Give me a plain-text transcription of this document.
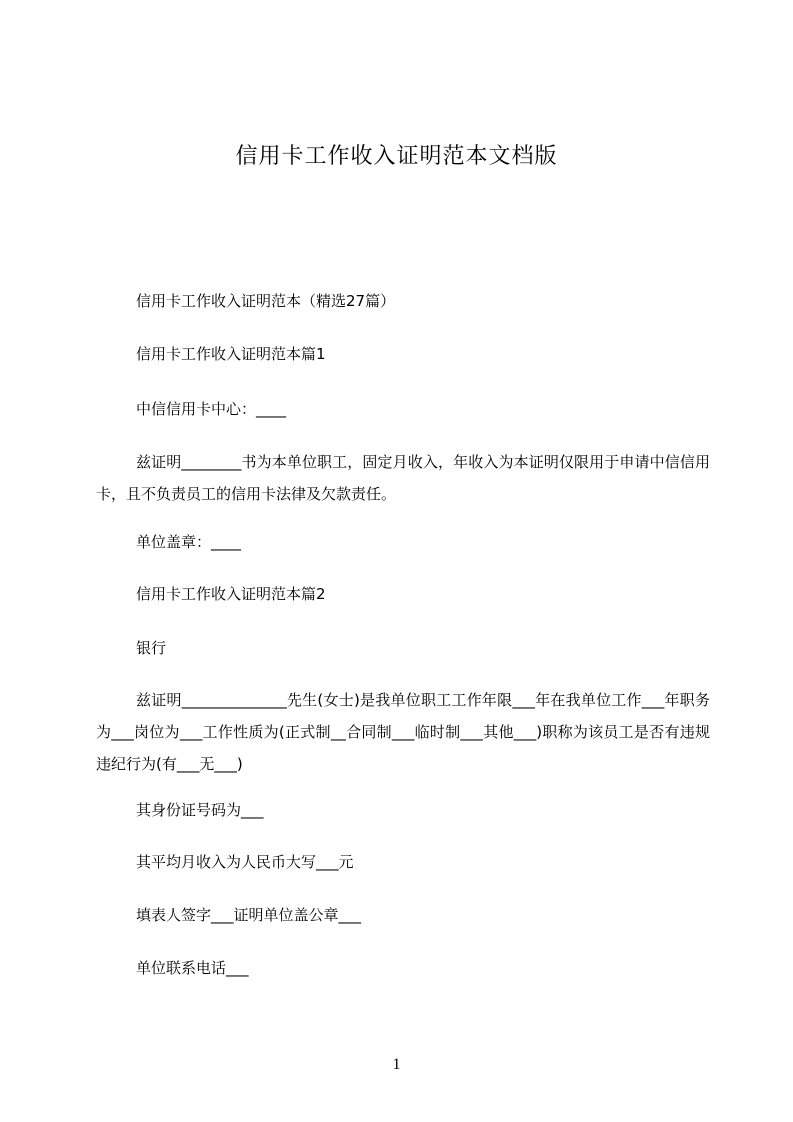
信用卡工作收入证明范本文档版
信用卡工作收入证明范本（精选27篇）
信用卡工作收入证明范本篇1
中信信用卡中心：____
兹证明________书为本单位职工，固定月收入，年收入为本证明仅限用于申请中信信用卡，且不负责员工的信用卡法律及欠款责任。
单位盖章：____
信用卡工作收入证明范本篇2
银行
兹证明______________先生(女士)是我单位职工工作年限___年在我单位工作___年职务为___岗位为___工作性质为(正式制__合同制___临时制___其他___)职称为该员工是否有违规违纪行为(有___无___)
其身份证号码为___
其平均月收入为人民币大写___元
填表人签字___证明单位盖公章___
单位联系电话___
1
